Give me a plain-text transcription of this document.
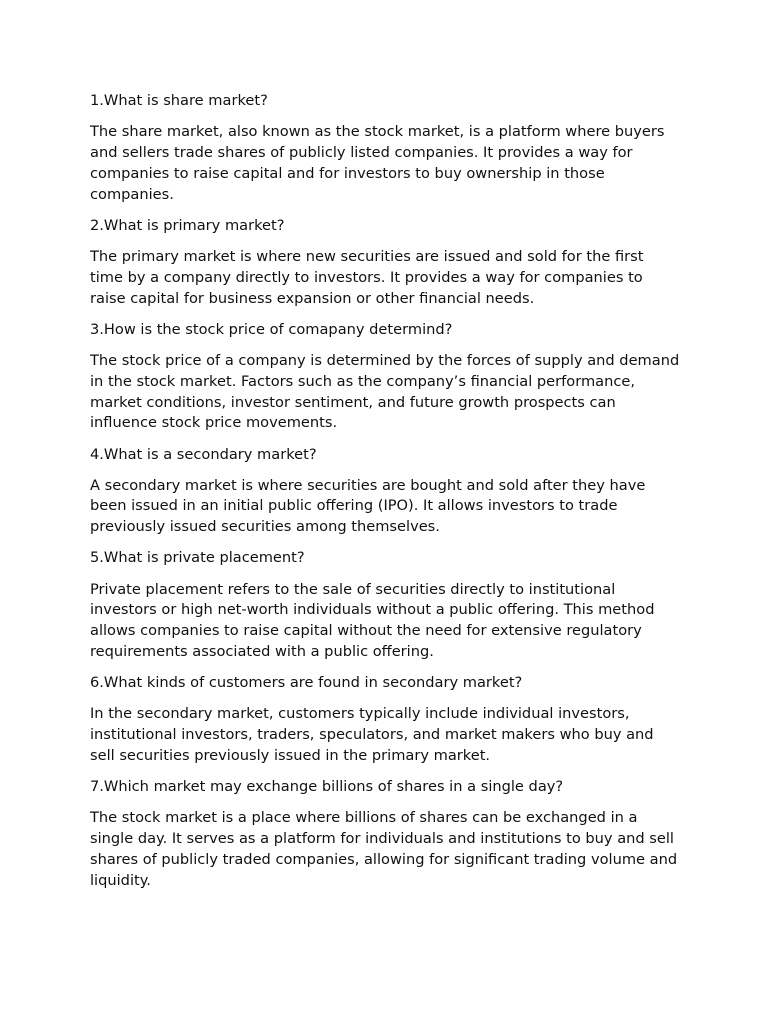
1.What is share market?

The share market, also known as the stock market, is a platform where buyers and sellers trade shares of publicly listed companies. It provides a way for companies to raise capital and for investors to buy ownership in those companies.

2.What is primary market?

The primary market is where new securities are issued and sold for the first time by a company directly to investors. It provides a way for companies to raise capital for business expansion or other financial needs.

3.How is the stock price of comapany determind?

The stock price of a company is determined by the forces of supply and demand in the stock market. Factors such as the company’s financial performance, market conditions, investor sentiment, and future growth prospects can influence stock price movements.

4.What is a secondary market?

A secondary market is where securities are bought and sold after they have been issued in an initial public offering (IPO). It allows investors to trade previously issued securities among themselves.

5.What is private placement?

Private placement refers to the sale of securities directly to institutional investors or high net-worth individuals without a public offering. This method allows companies to raise capital without the need for extensive regulatory requirements associated with a public offering.

6.What kinds of customers are found in secondary market?

In the secondary market, customers typically include individual investors, institutional investors, traders, speculators, and market makers who buy and sell securities previously issued in the primary market.

7.Which market may exchange billions of shares in a single day?

The stock market is a place where billions of shares can be exchanged in a single day. It serves as a platform for individuals and institutions to buy and sell shares of publicly traded companies, allowing for significant trading volume and liquidity.
